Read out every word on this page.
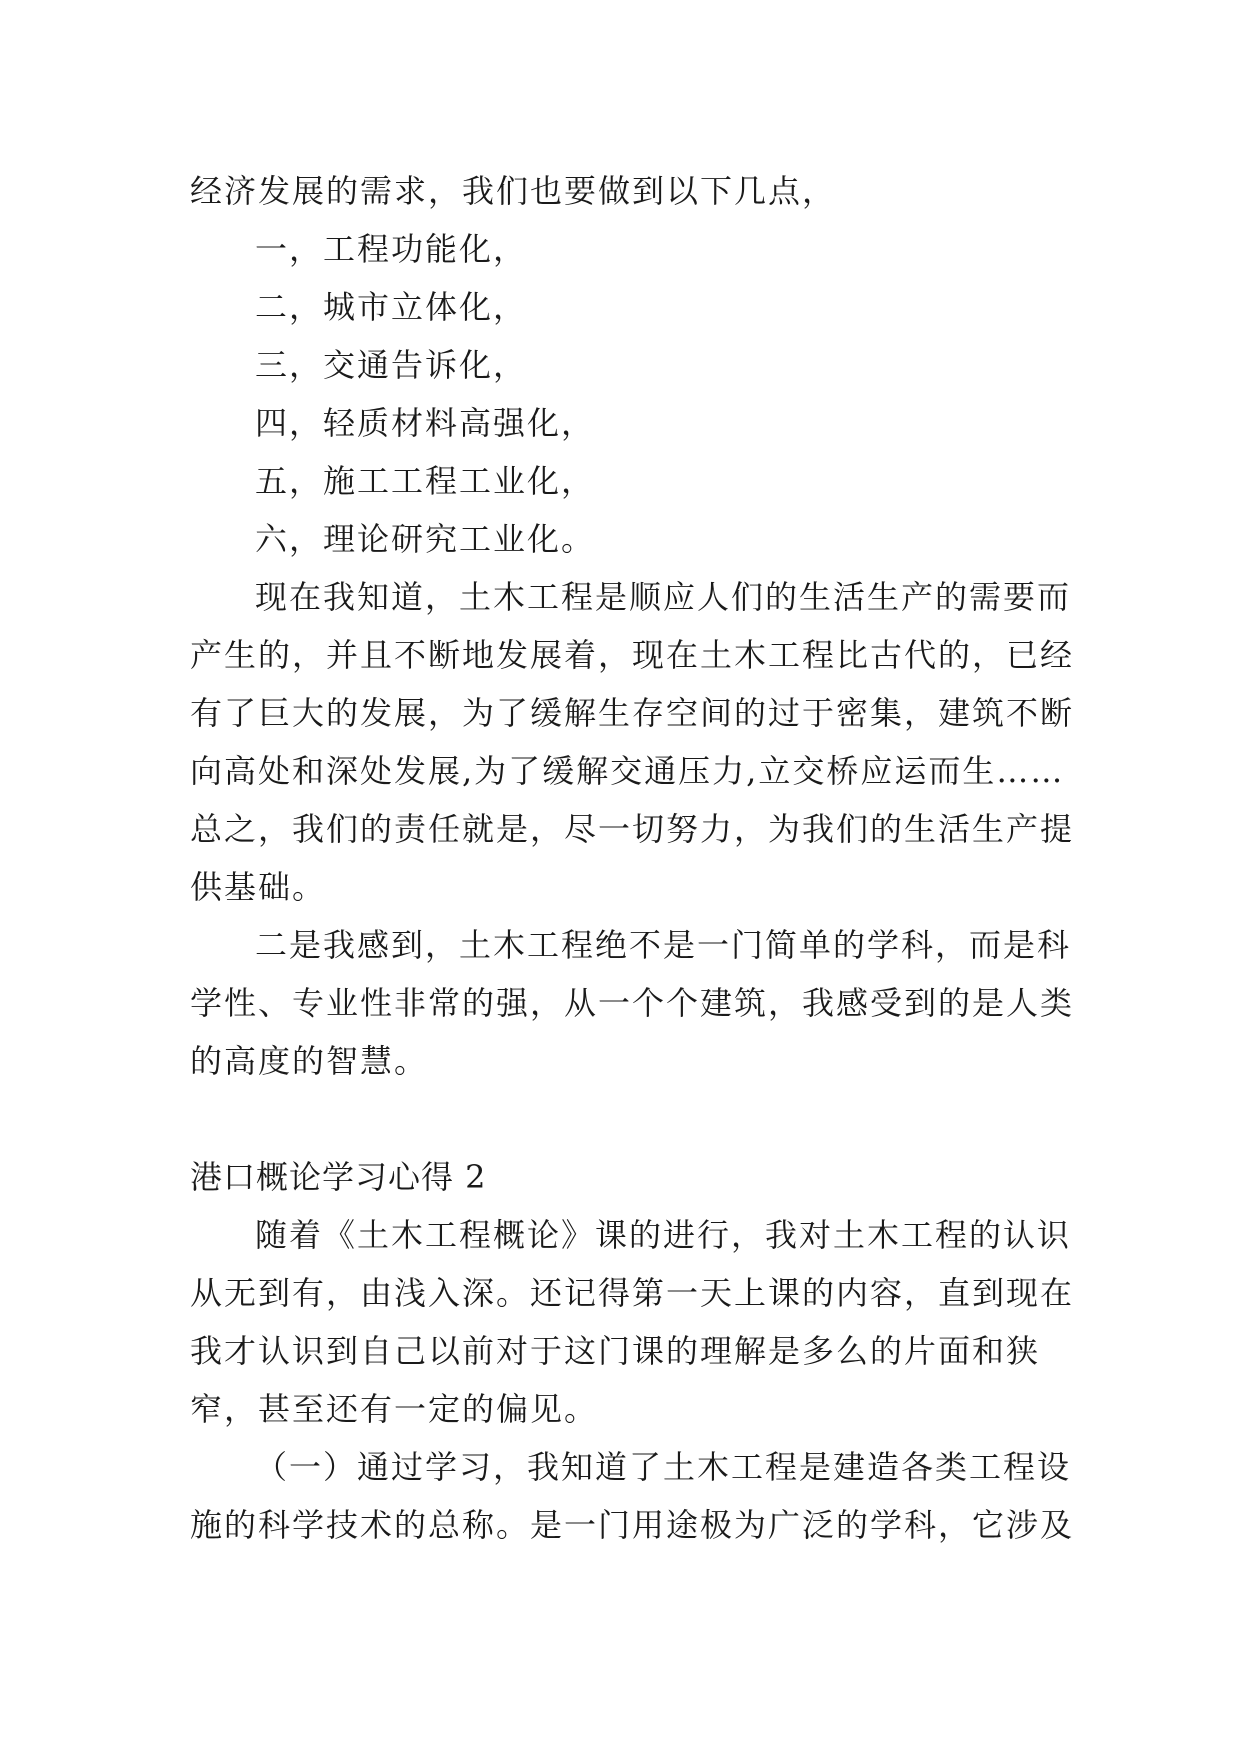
经济发展的需求，我们也要做到以下几点，
一，工程功能化，
二，城市立体化，
三，交通告诉化，
四，轻质材料高强化，
五，施工工程工业化，
六，理论研究工业化。
现在我知道，土木工程是顺应人们的生活生产的需要而
产生的，并且不断地发展着，现在土木工程比古代的，已经
有了巨大的发展，为了缓解生存空间的过于密集，建筑不断
向高处和深处发展,为了缓解交通压力,立交桥应运而生……
总之，我们的责任就是，尽一切努力，为我们的生活生产提
供基础。
二是我感到，土木工程绝不是一门简单的学科，而是科
学性、专业性非常的强，从一个个建筑，我感受到的是人类
的高度的智慧。
港口概论学习心得 2
随着《土木工程概论》课的进行，我对土木工程的认识
从无到有，由浅入深。还记得第一天上课的内容，直到现在
我才认识到自己以前对于这门课的理解是多么的片面和狭
窄，甚至还有一定的偏见。
（一）通过学习，我知道了土木工程是建造各类工程设
施的科学技术的总称。是一门用途极为广泛的学科，它涉及
